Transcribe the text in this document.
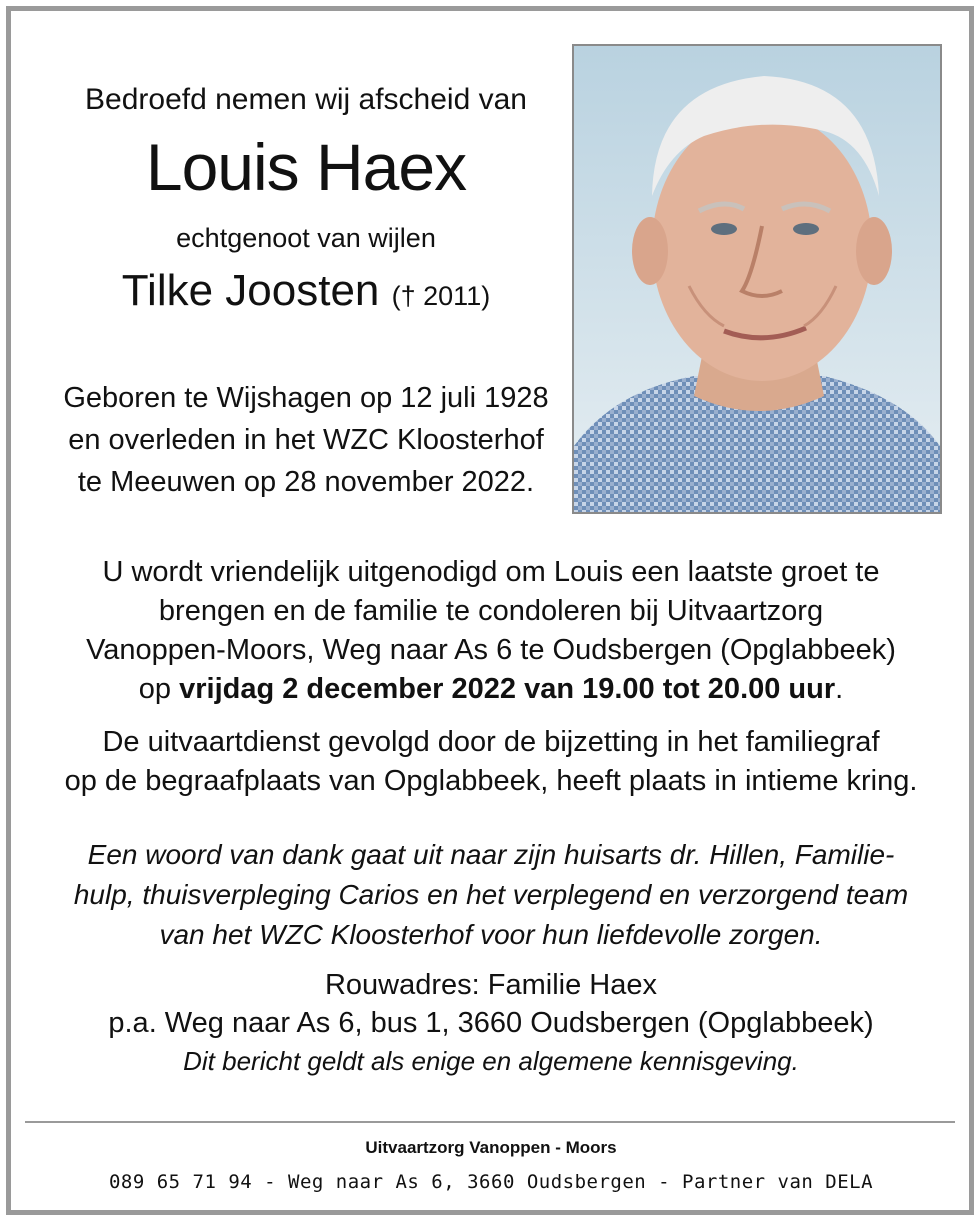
Bedroefd nemen wij afscheid van
Louis Haex
echtgenoot van wijlen
Tilke Joosten († 2011)
Geboren te Wijshagen op 12 juli 1928
en overleden in het WZC Kloosterhof
te Meeuwen op 28 november 2022.
U wordt vriendelijk uitgenodigd om Louis een laatste groet te
brengen en de familie te condoleren bij Uitvaartzorg
Vanoppen-Moors, Weg naar As 6 te Oudsbergen (Opglabbeek)
op vrijdag 2 december 2022 van 19.00 tot 20.00 uur.
De uitvaartdienst gevolgd door de bijzetting in het familiegraf
op de begraafplaats van Opglabbeek, heeft plaats in intieme kring.
Een woord van dank gaat uit naar zijn huisarts dr. Hillen, Familie-
hulp, thuisverpleging Carios en het verplegend en verzorgend team
van het WZC Kloosterhof voor hun liefdevolle zorgen.
Rouwadres: Familie Haex
p.a. Weg naar As 6, bus 1, 3660 Oudsbergen (Opglabbeek)
Dit bericht geldt als enige en algemene kennisgeving.
Uitvaartzorg Vanoppen - Moors
089 65 71 94 - Weg naar As 6, 3660 Oudsbergen - Partner van DELA
